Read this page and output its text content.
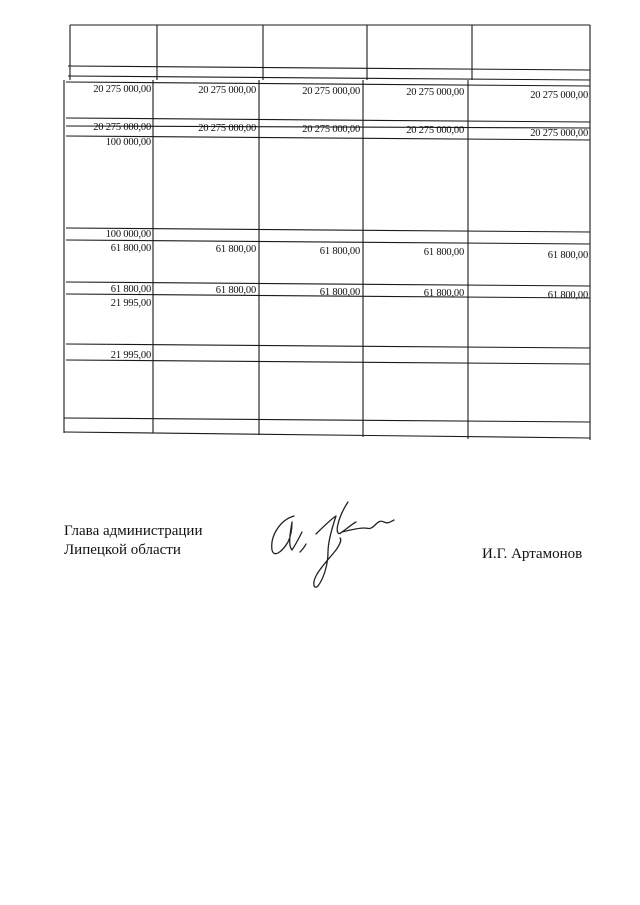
20 275 000,00	20 275 000,00	20 275 000,00	20 275 000,00	20 275 000,00
20 275 000,00	20 275 000,00	20 275 000,00	20 275 000,00	20 275 000,00
100 000,00
100 000,00
61 800,00	61 800,00	61 800,00	61 800,00	61 800,00
61 800,00	61 800,00	61 800,00	61 800,00	61 800,00
21 995,00
21 995,00
Глава администрации
Липецкой области	И.Г. Артамонов
